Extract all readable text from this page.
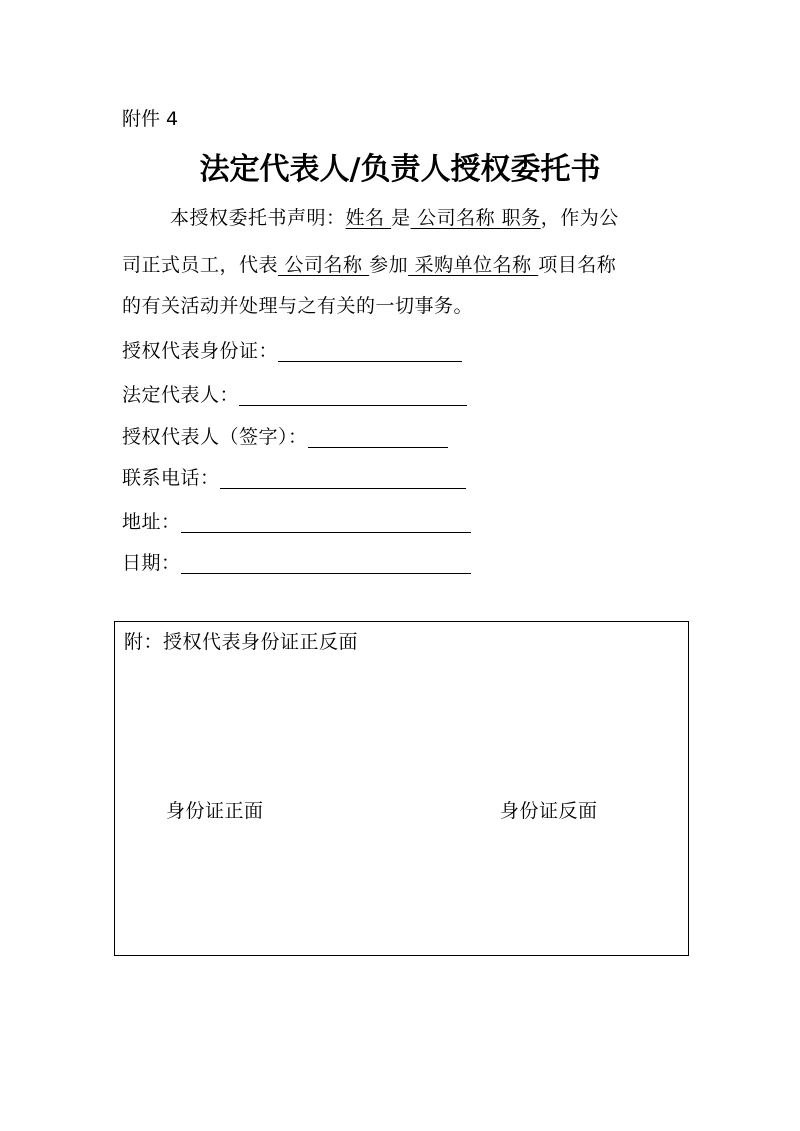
附件 4
法定代表人/负责人授权委托书
本授权委托书声明：姓名 是 公司名称 职务，作为公
司正式员工，代表 公司名称 参加 采购单位名称 项目名称
的有关活动并处理与之有关的一切事务。
授权代表身份证：
法定代表人：
授权代表人（签字）：
联系电话：
地址：
日期：
附：授权代表身份证正反面
身份证正面	身份证反面
